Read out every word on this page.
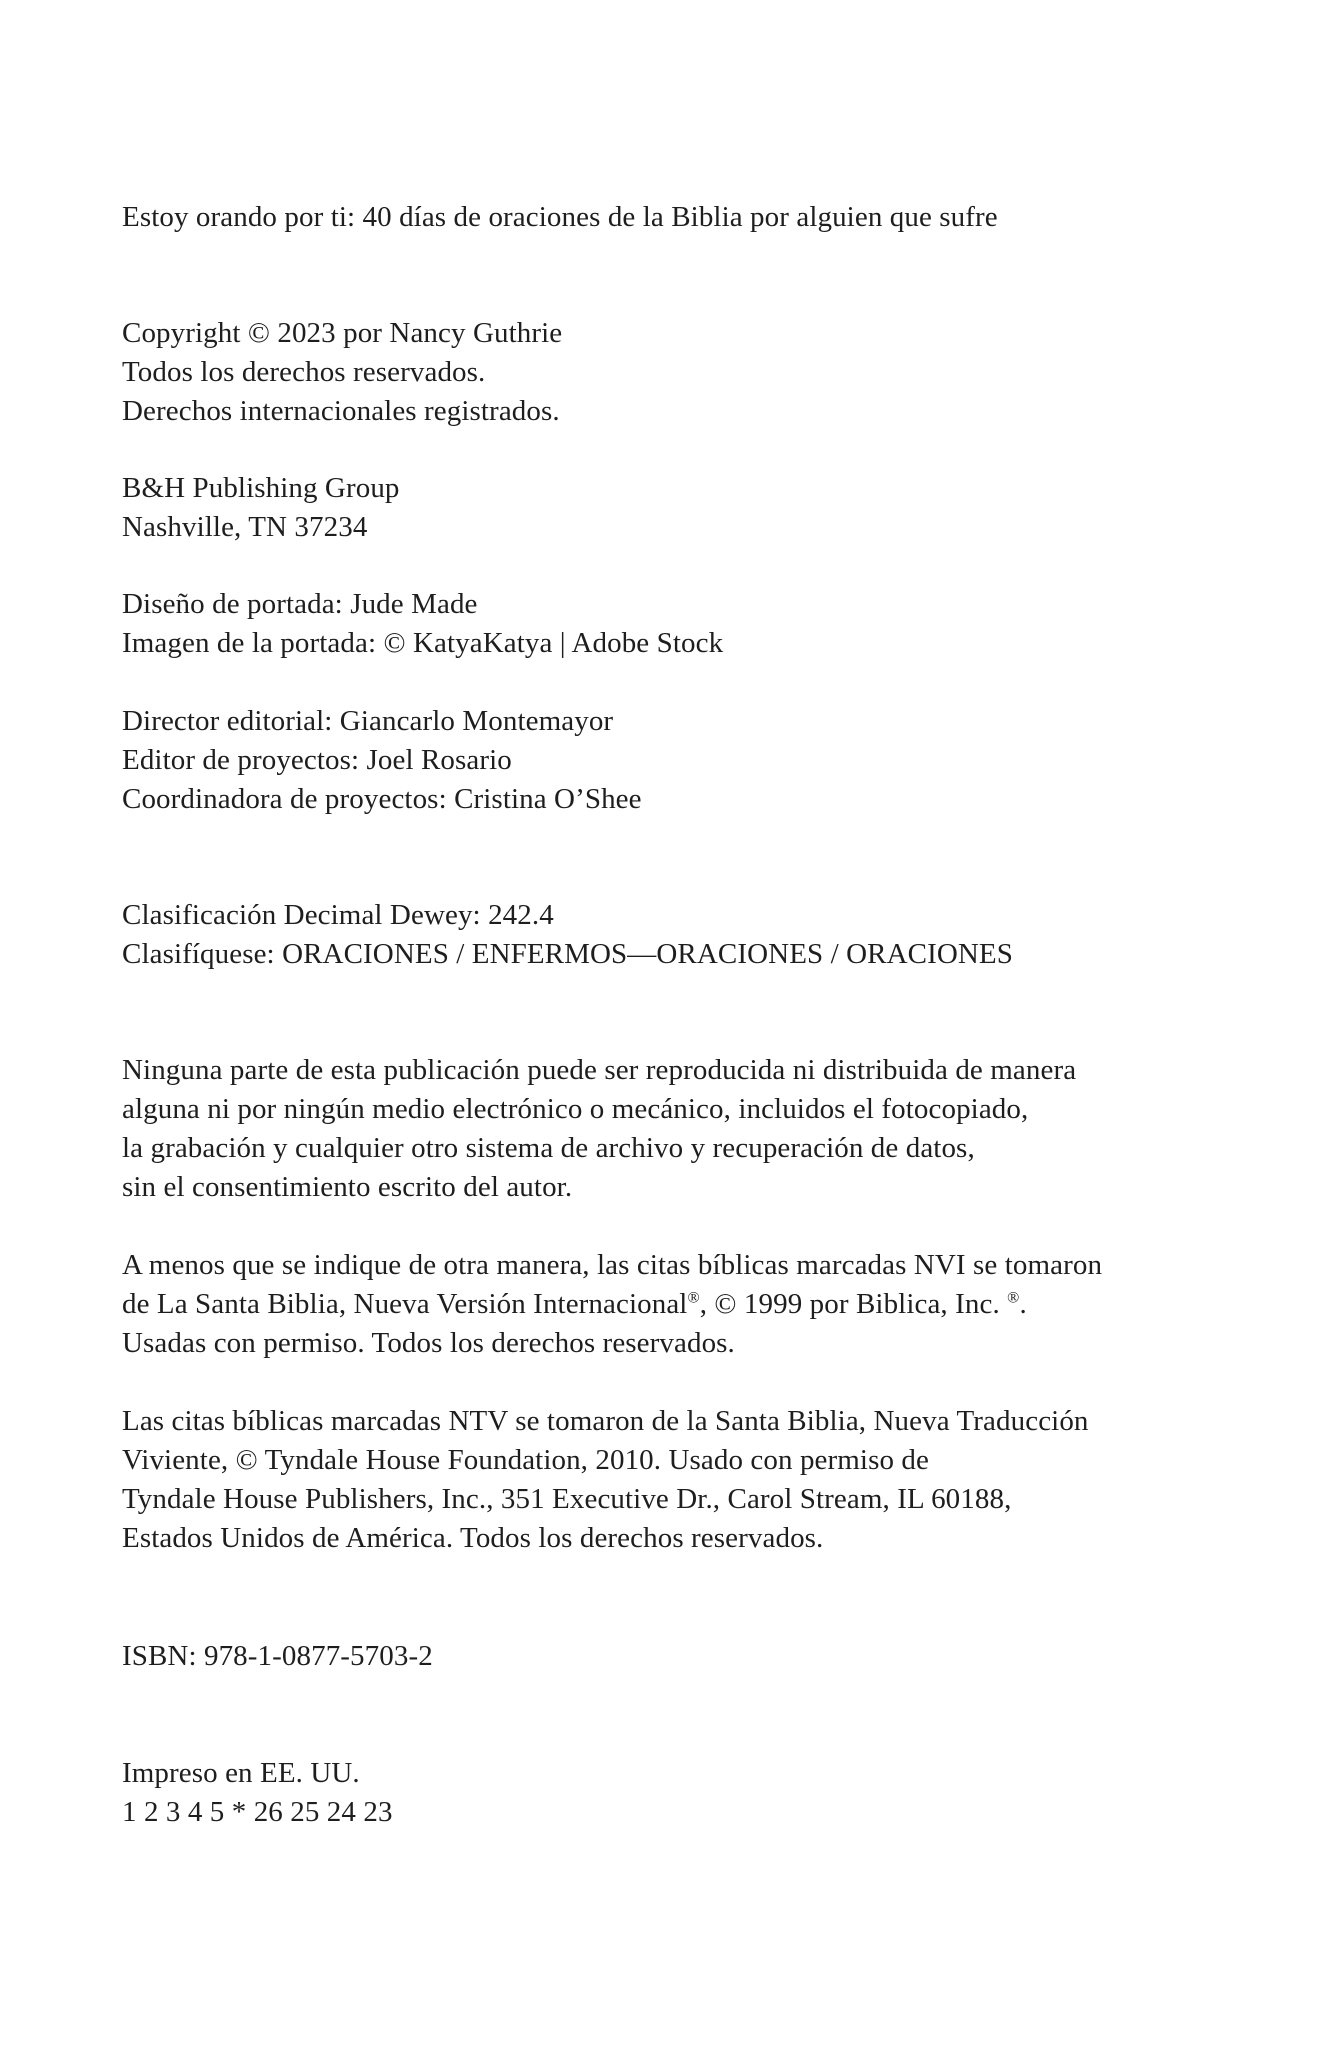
Estoy orando por ti: 40 días de oraciones de la Biblia por alguien que sufre
Copyright © 2023 por Nancy Guthrie
Todos los derechos reservados.
Derechos internacionales registrados.
B&H Publishing Group
Nashville, TN 37234
Diseño de portada: Jude Made
Imagen de la portada: © KatyaKatya | Adobe Stock
Director editorial: Giancarlo Montemayor
Editor de proyectos: Joel Rosario
Coordinadora de proyectos: Cristina O’Shee
Clasificación Decimal Dewey: 242.4
Clasifíquese: ORACIONES / ENFERMOS—ORACIONES / ORACIONES
Ninguna parte de esta publicación puede ser reproducida ni distribuida de manera
alguna ni por ningún medio electrónico o mecánico, incluidos el fotocopiado,
la grabación y cualquier otro sistema de archivo y recuperación de datos,
sin el consentimiento escrito del autor.
A menos que se indique de otra manera, las citas bíblicas marcadas NVI se tomaron
de La Santa Biblia, Nueva Versión Internacional®, © 1999 por Biblica, Inc. ®.
Usadas con permiso. Todos los derechos reservados.
Las citas bíblicas marcadas NTV se tomaron de la Santa Biblia, Nueva Traducción
Viviente, © Tyndale House Foundation, 2010. Usado con permiso de
Tyndale House Publishers, Inc., 351 Executive Dr., Carol Stream, IL 60188,
Estados Unidos de América. Todos los derechos reservados.
ISBN: 978-1-0877-5703-2
Impreso en EE. UU.
1 2 3 4 5 * 26 25 24 23
